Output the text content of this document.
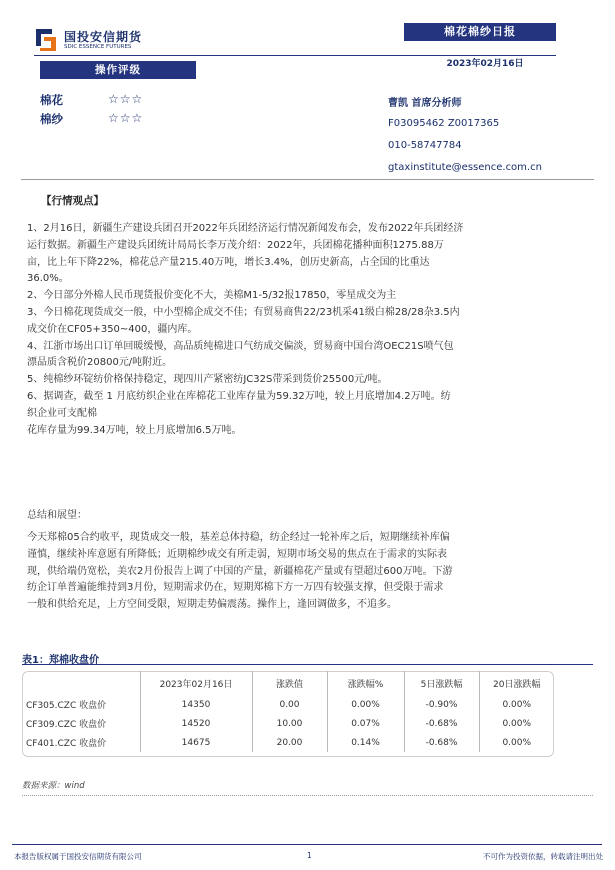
国投安信期货
SDIC ESSENCE FUTURES
棉花棉纱日报
2023年02月16日
操作评级
棉花	☆☆☆
棉纱	☆☆☆
曹凯 首席分析师
F03095462 Z0017365
010-58747784
gtaxinstitute@essence.com.cn
【行情观点】

1、2月16日，新疆生产建设兵团召开2022年兵团经济运行情况新闻发布会，发布2022年兵团经济

运行数据。新疆生产建设兵团统计局局长李万茂介绍：2022年，兵团棉花播种面积1275.88万

亩，比上年下降22%，棉花总产量215.40万吨，增长3.4%，创历史新高，占全国的比重达

36.0%。

2、今日部分外棉人民币现货报价变化不大，美棉M1-5/32报17850，零星成交为主

3、今日棉花现货成交一般，中小型棉企成交不佳；有贸易商售22/23机采41级白棉28/28杂3.5内

成交价在CF05+350~400，疆内库。

4、江浙市场出口订单回暖缓慢，高品质纯棉进口气纺成交偏淡，贸易商中国台湾OEC21S喷气包

漂品质含税价20800元/吨附近。

5、纯棉纱环锭纺价格保持稳定，现四川产紧密纺JC32S带采到货价25500元/吨。

6、据调查，截至 1 月底纺织企业在库棉花工业库存量为59.32万吨，较上月底增加4.2万吨。纺

织企业可支配棉

花库存量为99.34万吨，较上月底增加6.5万吨。

总结和展望：

今天郑棉05合约收平，现货成交一般，基差总体持稳，纺企经过一轮补库之后，短期继续补库偏

谨慎，继续补库意愿有所降低；近期棉纱成交有所走弱，短期市场交易的焦点在于需求的实际表

现，供给端仍宽松，美农2月份报告上调了中国的产量，新疆棉花产量或有望超过600万吨。下游

纺企订单普遍能维持到3月份，短期需求仍在，短期郑棉下方一万四有较强支撑，但受限于需求

一般和供给充足，上方空间受限，短期走势偏震荡。操作上，逢回调做多，不追多。

表1：郑棉收盘价
	2023年02月16日	涨跌值	涨跌幅%	5日涨跌幅	20日涨跌幅
CF305.CZC 收盘价	14350	0.00	0.00%	-0.90%	0.00%
CF309.CZC 收盘价	14520	10.00	0.07%	-0.68%	0.00%
CF401.CZC 收盘价	14675	20.00	0.14%	-0.68%	0.00%
数据来源：wind
本报告版权属于国投安信期货有限公司	1	不可作为投资依据，转载请注明出处
